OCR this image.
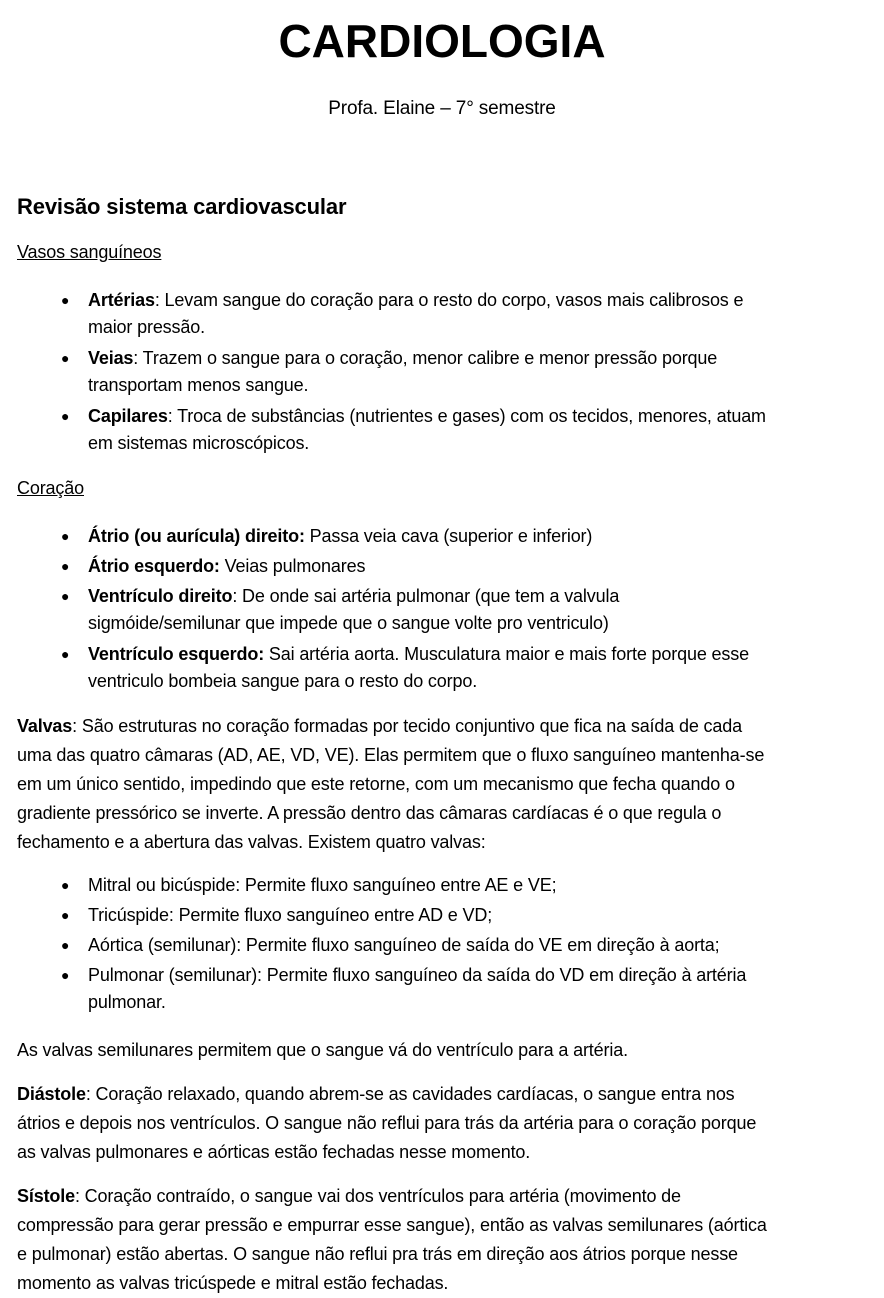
CARDIOLOGIA
Profa. Elaine – 7° semestre
Revisão sistema cardiovascular
Vasos sanguíneos
● Artérias: Levam sangue do coração para o resto do corpo, vasos mais calibrosos e
maior pressão.
● Veias: Trazem o sangue para o coração, menor calibre e menor pressão porque
transportam menos sangue.
● Capilares: Troca de substâncias (nutrientes e gases) com os tecidos, menores, atuam
em sistemas microscópicos.
Coração
● Átrio (ou aurícula) direito: Passa veia cava (superior e inferior)
● Átrio esquerdo: Veias pulmonares
● Ventrículo direito: De onde sai artéria pulmonar (que tem a valvula
sigmóide/semilunar que impede que o sangue volte pro ventriculo)
● Ventrículo esquerdo: Sai artéria aorta. Musculatura maior e mais forte porque esse
ventriculo bombeia sangue para o resto do corpo.
Valvas: São estruturas no coração formadas por tecido conjuntivo que fica na saída de cada
uma das quatro câmaras (AD, AE, VD, VE). Elas permitem que o fluxo sanguíneo mantenha-se
em um único sentido, impedindo que este retorne, com um mecanismo que fecha quando o
gradiente pressórico se inverte. A pressão dentro das câmaras cardíacas é o que regula o
fechamento e a abertura das valvas. Existem quatro valvas:
● Mitral ou bicúspide: Permite fluxo sanguíneo entre AE e VE;
● Tricúspide: Permite fluxo sanguíneo entre AD e VD;
● Aórtica (semilunar): Permite fluxo sanguíneo de saída do VE em direção à aorta;
● Pulmonar (semilunar): Permite fluxo sanguíneo da saída do VD em direção à artéria
pulmonar.
As valvas semilunares permitem que o sangue vá do ventrículo para a artéria.
Diástole: Coração relaxado, quando abrem-se as cavidades cardíacas, o sangue entra nos
átrios e depois nos ventrículos. O sangue não reflui para trás da artéria para o coração porque
as valvas pulmonares e aórticas estão fechadas nesse momento.
Sístole: Coração contraído, o sangue vai dos ventrículos para artéria (movimento de
compressão para gerar pressão e empurrar esse sangue), então as valvas semilunares (aórtica
e pulmonar) estão abertas. O sangue não reflui pra trás em direção aos átrios porque nesse
momento as valvas tricúspede e mitral estão fechadas.
